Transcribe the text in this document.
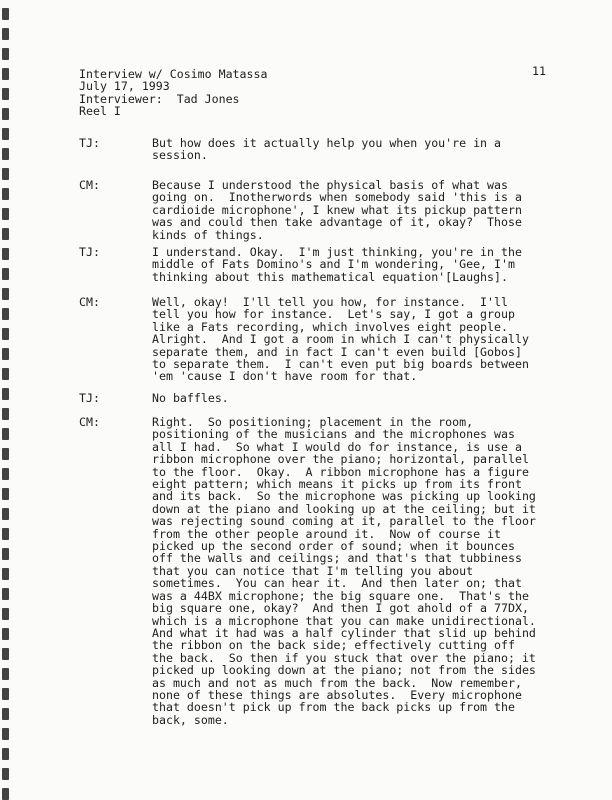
11
Interview w/ Cosimo Matassa
July 17, 1993
Interviewer:  Tad Jones
Reel I
TJ:	But how does it actually help you when you're in a
session.
CM:	Because I understood the physical basis of what was
going on.  Inotherwords when somebody said 'this is a
cardioide microphone', I knew what its pickup pattern
was and could then take advantage of it, okay?  Those
kinds of things.
TJ:	I understand. Okay.  I'm just thinking, you're in the
middle of Fats Domino's and I'm wondering, 'Gee, I'm
thinking about this mathematical equation'[Laughs].
CM:	Well, okay!  I'll tell you how, for instance.  I'll
tell you how for instance.  Let's say, I got a group
like a Fats recording, which involves eight people.
Alright.  And I got a room in which I can't physically
separate them, and in fact I can't even build [Gobos]
to separate them.  I can't even put big boards between
'em 'cause I don't have room for that.
TJ:	No baffles.
CM:	Right.  So positioning; placement in the room,
positioning of the musicians and the microphones was
all I had.  So what I would do for instance, is use a
ribbon microphone over the piano; horizontal, parallel
to the floor.  Okay.  A ribbon microphone has a figure
eight pattern; which means it picks up from its front
and its back.  So the microphone was picking up looking
down at the piano and looking up at the ceiling; but it
was rejecting sound coming at it, parallel to the floor
from the other people around it.  Now of course it
picked up the second order of sound; when it bounces
off the walls and ceilings; and that's that tubbiness
that you can notice that I'm telling you about
sometimes.  You can hear it.  And then later on; that
was a 44BX microphone; the big square one.  That's the
big square one, okay?  And then I got ahold of a 77DX,
which is a microphone that you can make unidirectional.
And what it had was a half cylinder that slid up behind
the ribbon on the back side; effectively cutting off
the back.  So then if you stuck that over the piano; it
picked up looking down at the piano; not from the sides
as much and not as much from the back.  Now remember,
none of these things are absolutes.  Every microphone
that doesn't pick up from the back picks up from the
back, some.
